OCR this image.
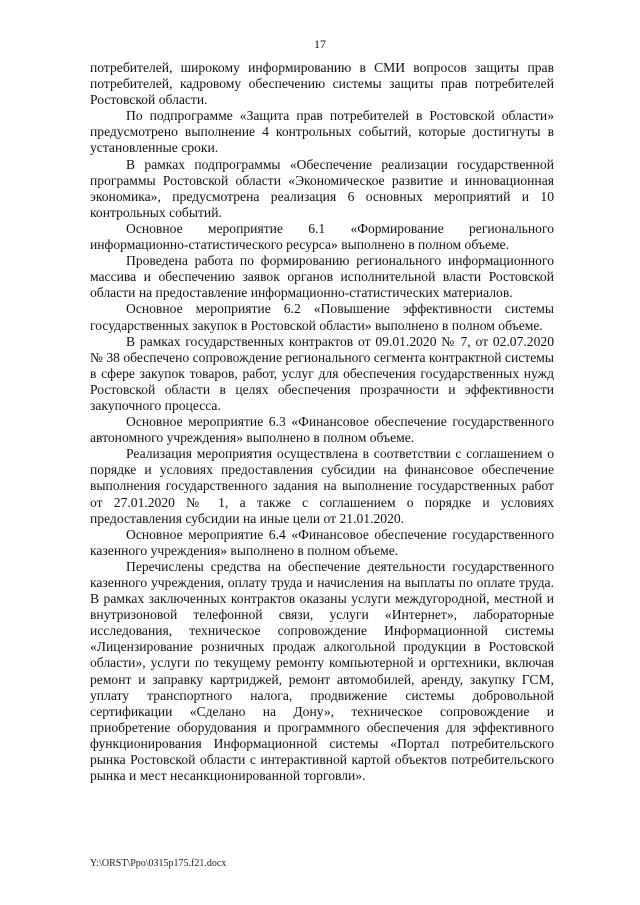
17

потребителей, широкому информированию в СМИ вопросов защиты прав потребителей, кадровому обеспечению системы защиты прав потребителей Ростовской области.

По подпрограмме «Защита прав потребителей в Ростовской области» предусмотрено выполнение 4 контрольных событий, которые достигнуты в установленные сроки.

В рамках подпрограммы «Обеспечение реализации государственной программы Ростовской области «Экономическое развитие и инновационная экономика», предусмотрена реализация 6 основных мероприятий и 10 контрольных событий.

Основное мероприятие 6.1 «Формирование регионального информационно-статистического ресурса» выполнено в полном объеме.

Проведена работа по формированию регионального информационного массива и обеспечению заявок органов исполнительной власти Ростовской области на предоставление информационно-статистических материалов.

Основное мероприятие 6.2 «Повышение эффективности системы государственных закупок в Ростовской области» выполнено в полном объеме.

В рамках государственных контрактов от 09.01.2020 № 7, от 02.07.2020 № 38 обеспечено сопровождение регионального сегмента контрактной системы в сфере закупок товаров, работ, услуг для обеспечения государственных нужд Ростовской области в целях обеспечения прозрачности и эффективности закупочного процесса.

Основное мероприятие 6.3 «Финансовое обеспечение государственного автономного учреждения» выполнено в полном объеме.

Реализация мероприятия осуществлена в соответствии с соглашением о порядке и условиях предоставления субсидии на финансовое обеспечение выполнения государственного задания на выполнение государственных работ от 27.01.2020 № 1, а также с соглашением о порядке и условиях предоставления субсидии на иные цели от 21.01.2020.

Основное мероприятие 6.4 «Финансовое обеспечение государственного казенного учреждения» выполнено в полном объеме.

Перечислены средства на обеспечение деятельности государственного казенного учреждения, оплату труда и начисления на выплаты по оплате труда. В рамках заключенных контрактов оказаны услуги междугородной, местной и внутризоновой телефонной связи, услуги «Интернет», лабораторные исследования, техническое сопровождение Информационной системы «Лицензирование розничных продаж алкогольной продукции в Ростовской области», услуги по текущему ремонту компьютерной и оргтехники, включая ремонт и заправку картриджей, ремонт автомобилей, аренду, закупку ГСМ, уплату транспортного налога, продвижение системы добровольной сертификации «Сделано на Дону», техническое сопровождение и приобретение оборудования и программного обеспечения для эффективного функционирования Информационной системы «Портал потребительского рынка Ростовской области с интерактивной картой объектов потребительского рынка и мест несанкционированной торговли».

Y:\ORST\Ppo\0315p175.f21.docx
